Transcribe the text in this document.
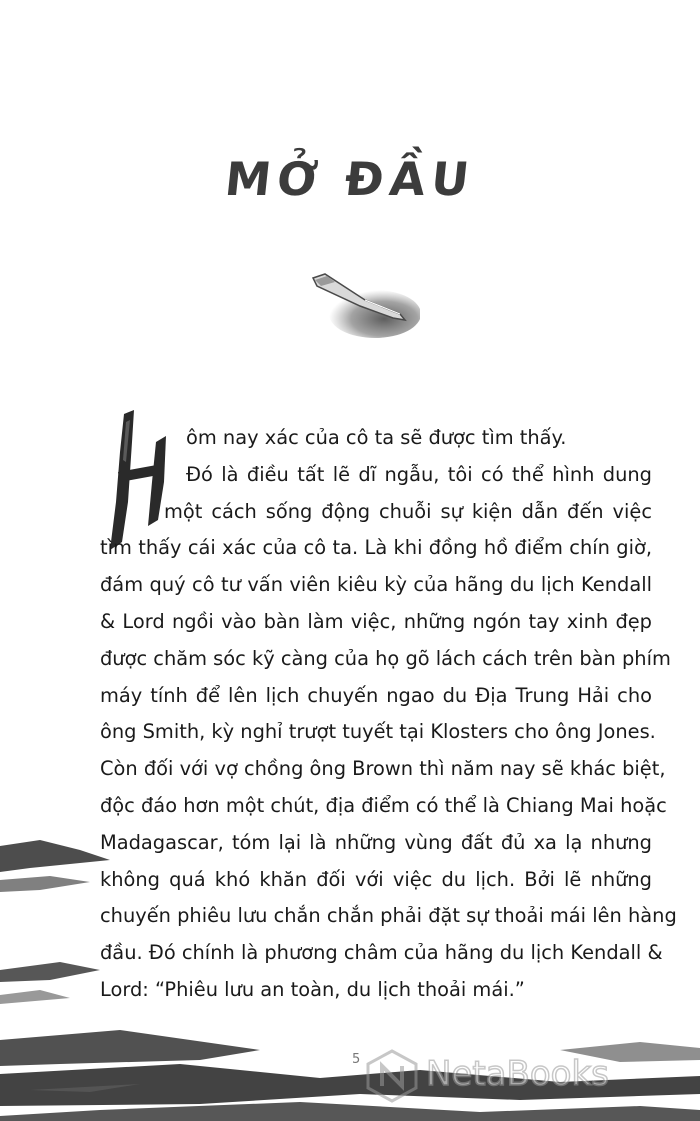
MỞ ĐẦU
ôm nay xác của cô ta sẽ được tìm thấy.
Đó là điều tất lẽ dĩ ngẫu, tôi có thể hình dung
một cách sống động chuỗi sự kiện dẫn đến việc
tìm thấy cái xác của cô ta. Là khi đồng hồ điểm chín giờ,
đám quý cô tư vấn viên kiêu kỳ của hãng du lịch Kendall
& Lord ngồi vào bàn làm việc, những ngón tay xinh đẹp
được chăm sóc kỹ càng của họ gõ lách cách trên bàn phím
máy tính để lên lịch chuyến ngao du Địa Trung Hải cho
ông Smith, kỳ nghỉ trượt tuyết tại Klosters cho ông Jones.
Còn đối với vợ chồng ông Brown thì năm nay sẽ khác biệt,
độc đáo hơn một chút, địa điểm có thể là Chiang Mai hoặc
Madagascar, tóm lại là những vùng đất đủ xa lạ nhưng
không quá khó khăn đối với việc du lịch. Bởi lẽ những
chuyến phiêu lưu chắn chắn phải đặt sự thoải mái lên hàng
đầu. Đó chính là phương châm của hãng du lịch Kendall &
Lord: “Phiêu lưu an toàn, du lịch thoải mái.”
5 NetaBooks
